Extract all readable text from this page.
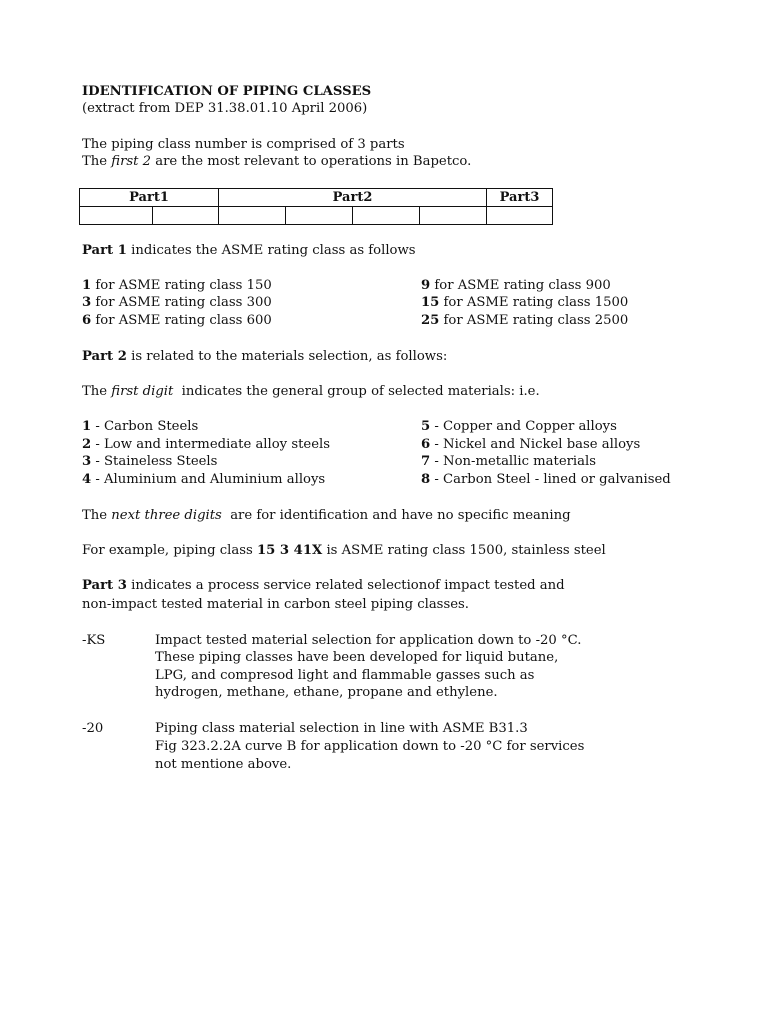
IDENTIFICATION OF PIPING CLASSES
(extract from DEP 31.38.01.10 April 2006)
The piping class number is comprised of 3 parts
The first 2 are the most relevant to operations in Bapetco.
Part1		Part2				Part3

Part 1 indicates the ASME rating class as follows
1 for ASME rating class 150
3 for ASME rating class 300
6 for ASME rating class 600
9 for ASME rating class 900
15 for ASME rating class 1500
25 for ASME rating class 2500
Part 2 is related to the materials selection, as follows:
The first digit  indicates the general group of selected materials: i.e.
1 - Carbon Steels
2 - Low and intermediate alloy steels
3 - Staineless Steels
4 - Aluminium and Aluminium alloys
5 - Copper and Copper alloys
6 - Nickel and Nickel base alloys
7 - Non-metallic materials
8 - Carbon Steel - lined or galvanised
The next three digits  are for identification and have no specific meaning
For example, piping class 15 3 41X is ASME rating class 1500, stainless steel
Part 3 indicates a process service related selectionof impact tested and
non-impact tested material in carbon steel piping classes.
-KS	Impact tested material selection for application down to -20 °C.
These piping classes have been developed for liquid butane,
LPG, and compresod light and flammable gasses such as
hydrogen, methane, ethane, propane and ethylene.
-20	Piping class material selection in line with ASME B31.3
Fig 323.2.2A curve B for application down to -20 °C for services
not mentione above.
